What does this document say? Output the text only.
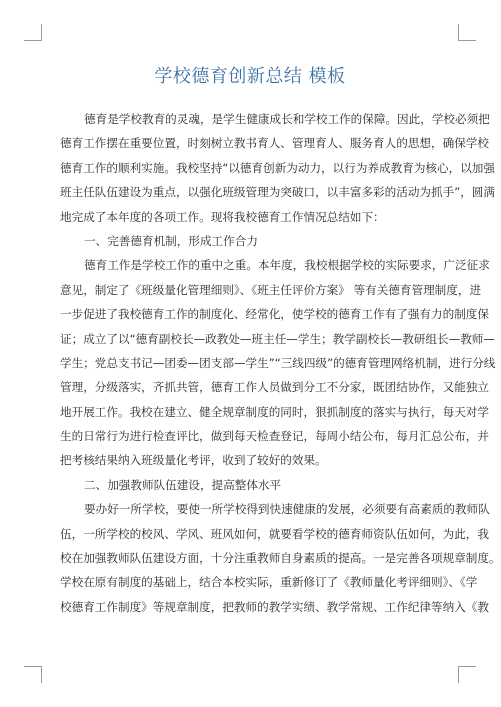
学校德育创新总结 模板
德育是学校教育的灵魂，是学生健康成长和学校工作的保障。因此，学校必须把
德育工作摆在重要位置，时刻树立教书育人、管理育人、服务育人的思想，确保学校
德育工作的顺利实施。我校坚持“以德育创新为动力，以行为养成教育为核心，以加强
班主任队伍建设为重点，以强化班级管理为突破口，以丰富多彩的活动为抓手”，圆满
地完成了本年度的各项工作。现将我校德育工作情况总结如下：
一、完善德育机制，形成工作合力
德育工作是学校工作的重中之重。本年度，我校根据学校的实际要求，广泛征求
意见，制定了《班级量化管理细则》、《班主任评价方案》 等有关德育管理制度，进
一步促进了我校德育工作的制度化、经常化，使学校的德育工作有了强有力的制度保
证；成立了以“德育副校长—政教处—班主任—学生；教学副校长—教研组长—教师—
学生；党总支书记—团委—团支部—学生”“三线四级”的德育管理网络机制，进行分线
管理，分级落实，齐抓共管，德育工作人员做到分工不分家，既团结协作，又能独立
地开展工作。我校在建立、健全规章制度的同时，狠抓制度的落实与执行，每天对学
生的日常行为进行检查评比，做到每天检查登记，每周小结公布，每月汇总公布，并
把考核结果纳入班级量化考评，收到了较好的效果。
二、加强教师队伍建设，提高整体水平
要办好一所学校，要使一所学校得到快速健康的发展，必须要有高素质的教师队
伍，一所学校的校风、学风、班风如何，就要看学校的德育师资队伍如何，为此，我
校在加强教师队伍建设方面，十分注重教师自身素质的提高。一是完善各项规章制度。
学校在原有制度的基础上，结合本校实际，重新修订了《教师量化考评细则》、《学
校德育工作制度》等规章制度，把教师的教学实绩、教学常规、工作纪律等纳入《教
